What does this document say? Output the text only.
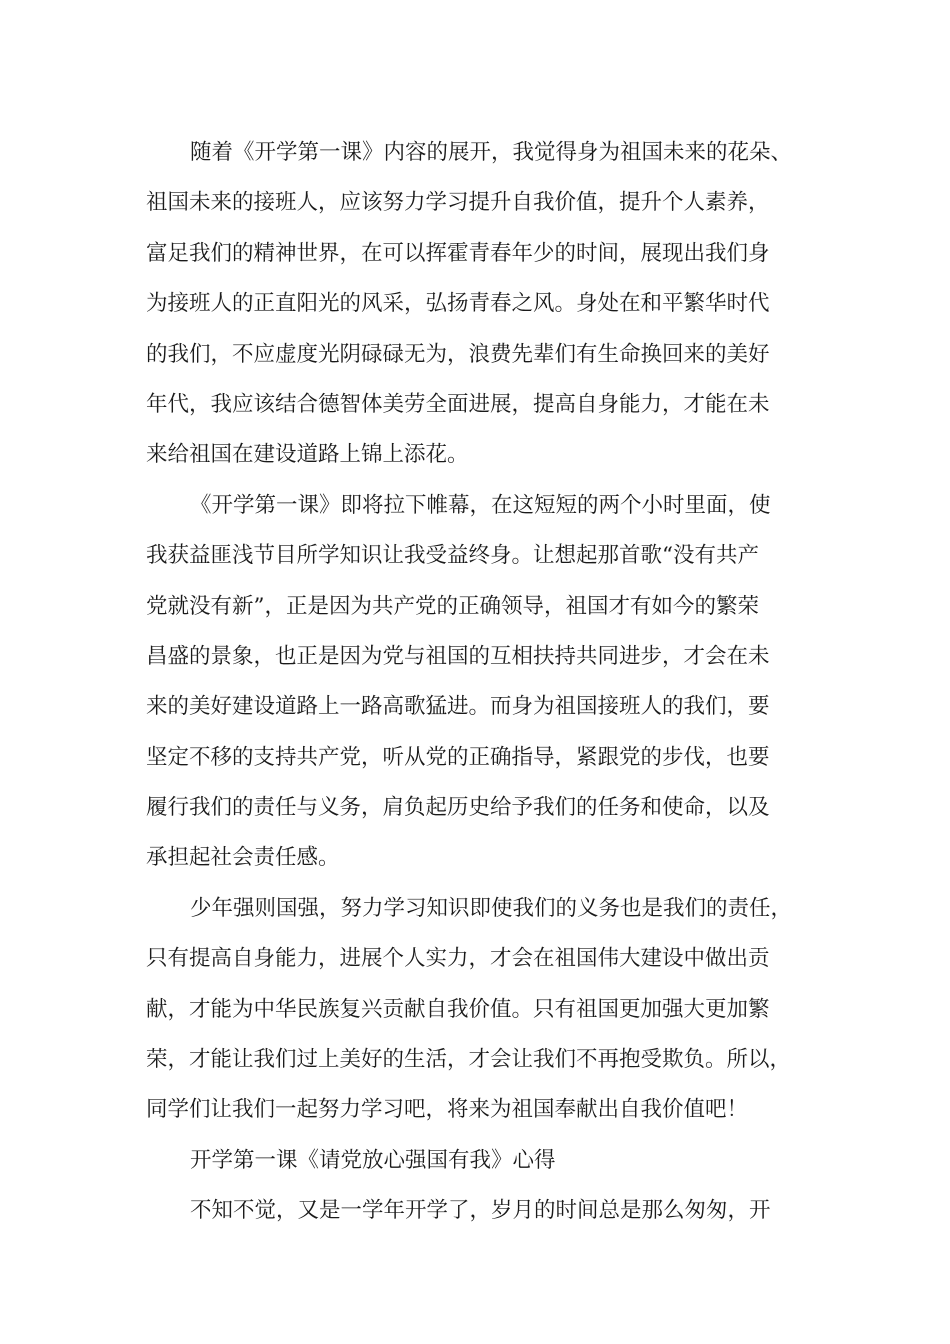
随着《开学第一课》内容的展开，我觉得身为祖国未来的花朵、
祖国未来的接班人，应该努力学习提升自我价值，提升个人素养，
富足我们的精神世界，在可以挥霍青春年少的时间，展现出我们身
为接班人的正直阳光的风采，弘扬青春之风。身处在和平繁华时代
的我们，不应虚度光阴碌碌无为，浪费先辈们有生命换回来的美好
年代，我应该结合德智体美劳全面进展，提高自身能力，才能在未
来给祖国在建设道路上锦上添花。
《开学第一课》即将拉下帷幕，在这短短的两个小时里面，使
我获益匪浅节目所学知识让我受益终身。让想起那首歌“没有共产
党就没有新”，正是因为共产党的正确领导，祖国才有如今的繁荣
昌盛的景象，也正是因为党与祖国的互相扶持共同进步，才会在未
来的美好建设道路上一路高歌猛进。而身为祖国接班人的我们，要
坚定不移的支持共产党，听从党的正确指导，紧跟党的步伐，也要
履行我们的责任与义务，肩负起历史给予我们的任务和使命，以及
承担起社会责任感。
少年强则国强，努力学习知识即使我们的义务也是我们的责任，
只有提高自身能力，进展个人实力，才会在祖国伟大建设中做出贡
献，才能为中华民族复兴贡献自我价值。只有祖国更加强大更加繁
荣，才能让我们过上美好的生活，才会让我们不再抱受欺负。所以，
同学们让我们一起努力学习吧，将来为祖国奉献出自我价值吧！
开学第一课《请党放心强国有我》心得
不知不觉，又是一学年开学了，岁月的时间总是那么匆匆，开
